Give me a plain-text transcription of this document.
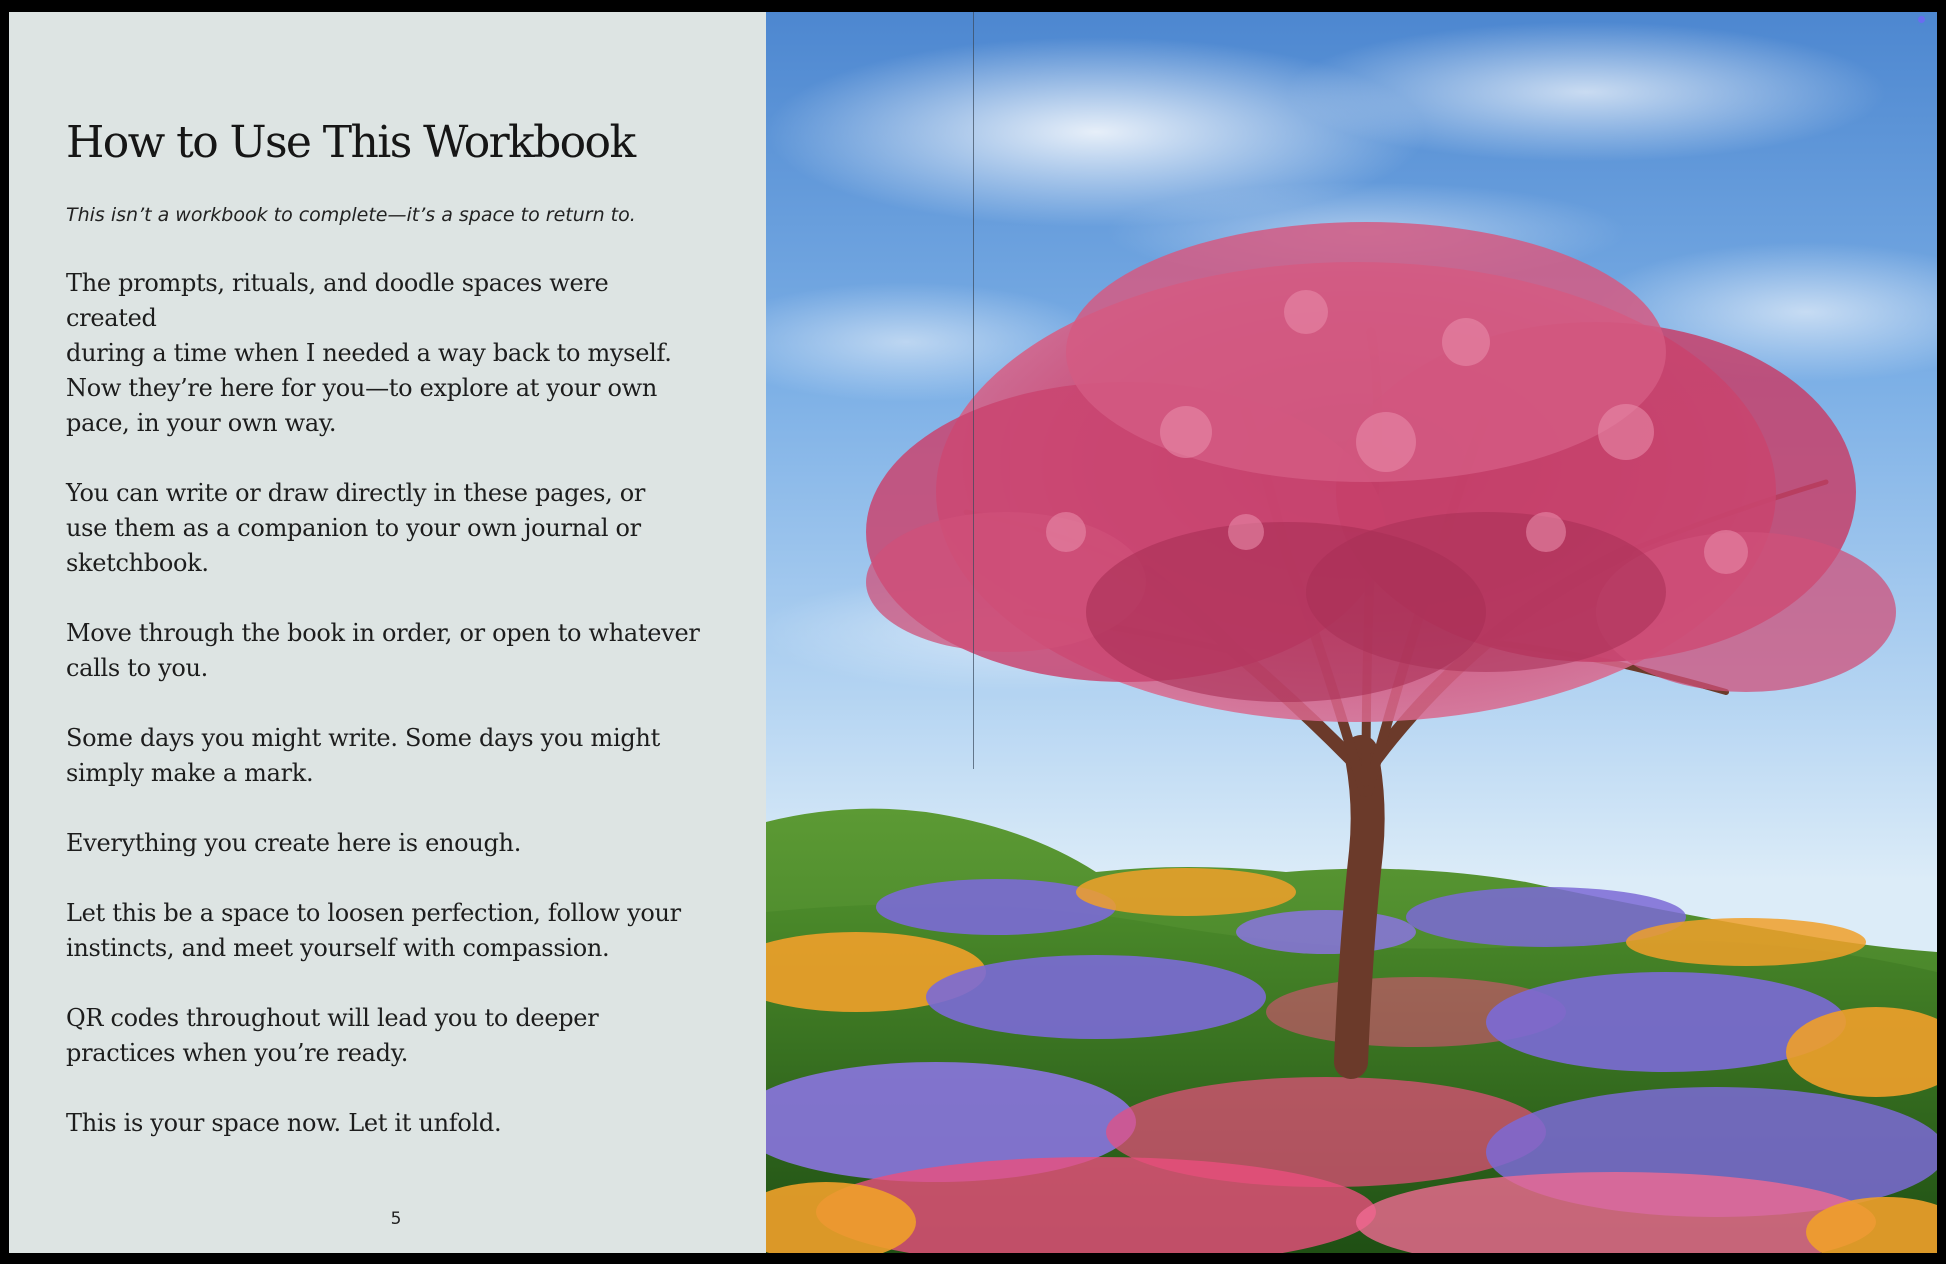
How to Use This Workbook

This isn’t a workbook to complete—it’s a space to return to.

The prompts, rituals, and doodle spaces were created
during a time when I needed a way back to myself.
Now they’re here for you—to explore at your own
pace, in your own way.

You can write or draw directly in these pages, or
use them as a companion to your own journal or
sketchbook.

Move through the book in order, or open to whatever
calls to you.

Some days you might write. Some days you might
simply make a mark.

Everything you create here is enough.

Let this be a space to loosen perfection, follow your
instincts, and meet yourself with compassion.

QR codes throughout will lead you to deeper
practices when you’re ready.

This is your space now. Let it unfold.

5
